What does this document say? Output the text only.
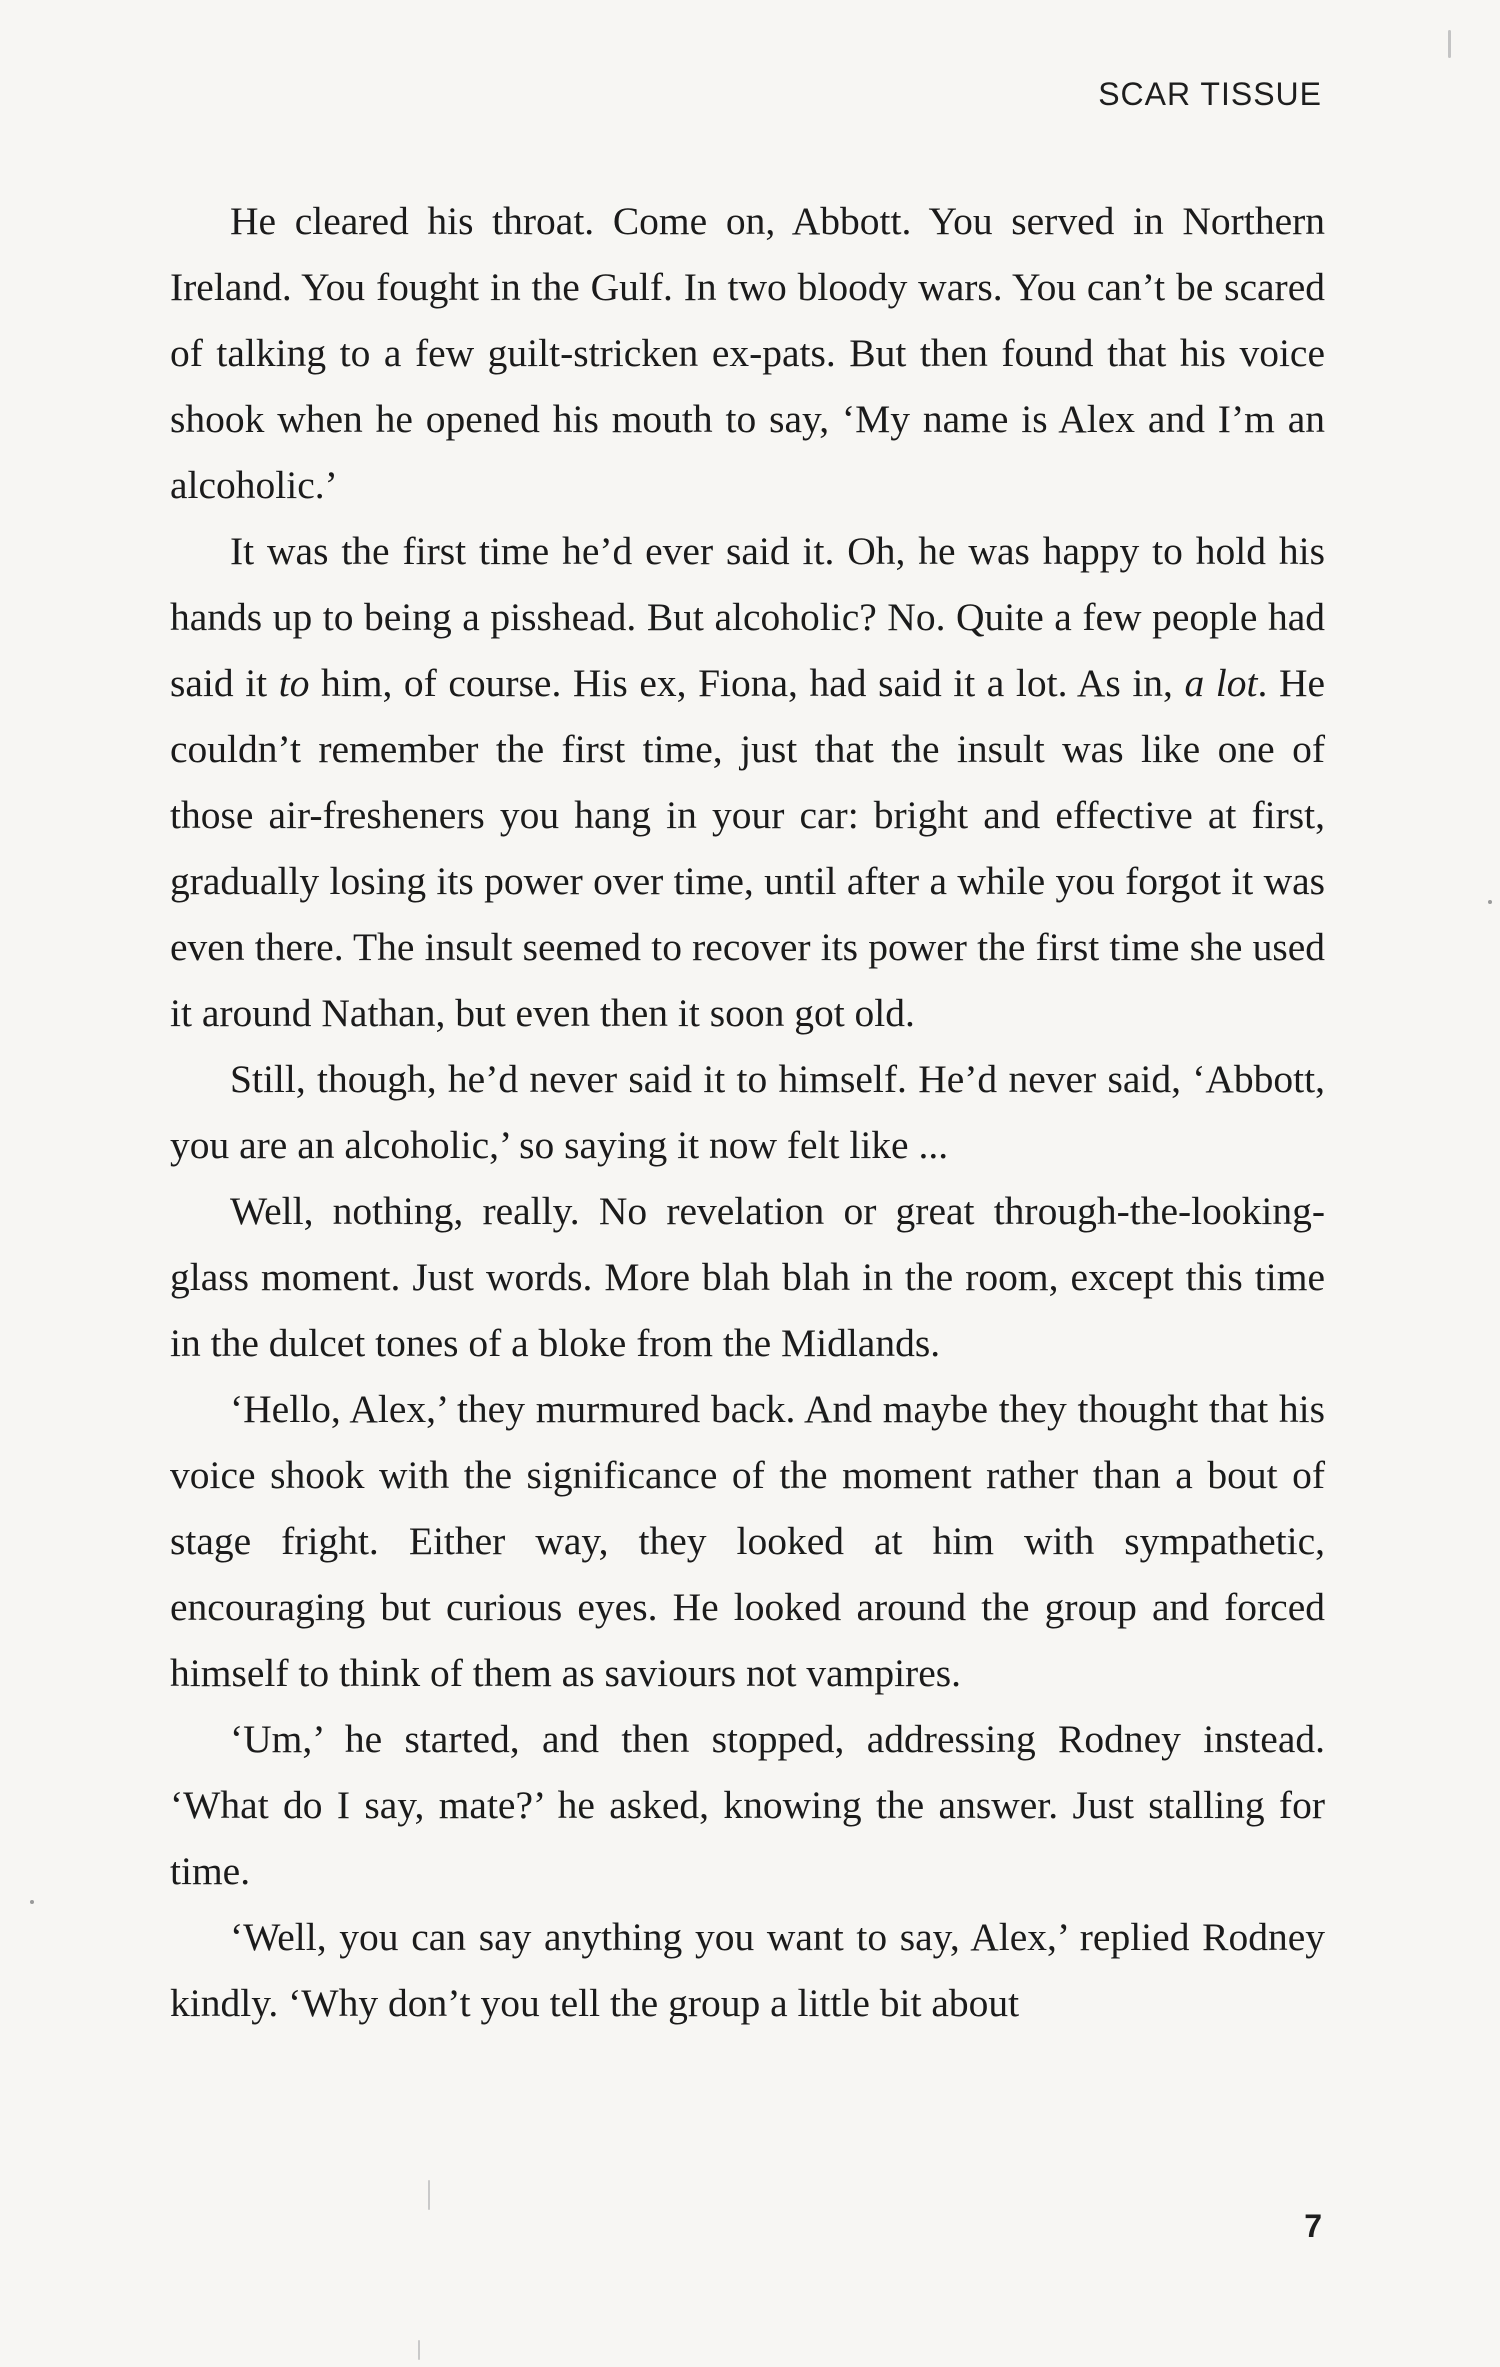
SCAR TISSUE

He cleared his throat. Come on, Abbott. You served in Northern Ireland. You fought in the Gulf. In two bloody wars. You can’t be scared of talking to a few guilt-stricken ex-pats. But then found that his voice shook when he opened his mouth to say, ‘My name is Alex and I’m an alcoholic.’

It was the first time he’d ever said it. Oh, he was happy to hold his hands up to being a pisshead. But alcoholic? No. Quite a few people had said it to him, of course. His ex, Fiona, had said it a lot. As in, a lot. He couldn’t remember the first time, just that the insult was like one of those air-fresheners you hang in your car: bright and effective at first, gradually losing its power over time, until after a while you forgot it was even there. The insult seemed to recover its power the first time she used it around Nathan, but even then it soon got old.

Still, though, he’d never said it to himself. He’d never said, ‘Abbott, you are an alcoholic,’ so saying it now felt like ...

Well, nothing, really. No revelation or great through-the-looking-glass moment. Just words. More blah blah in the room, except this time in the dulcet tones of a bloke from the Midlands.

‘Hello, Alex,’ they murmured back. And maybe they thought that his voice shook with the significance of the moment rather than a bout of stage fright. Either way, they looked at him with sympathetic, encouraging but curious eyes. He looked around the group and forced himself to think of them as saviours not vampires.

‘Um,’ he started, and then stopped, addressing Rodney instead. ‘What do I say, mate?’ he asked, knowing the answer. Just stalling for time.

‘Well, you can say anything you want to say, Alex,’ replied Rodney kindly. ‘Why don’t you tell the group a little bit about

7
